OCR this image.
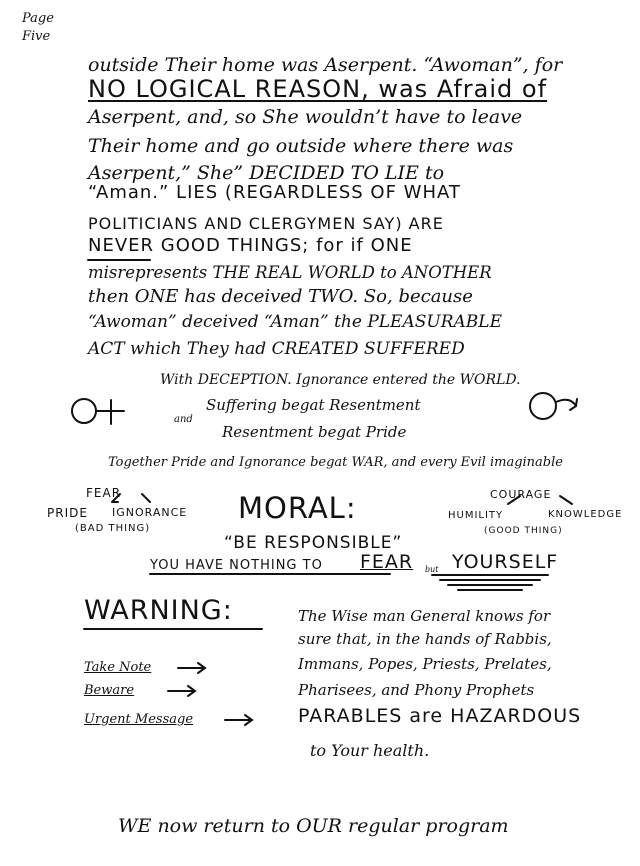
Page
Five
outside Their home was Aserpent. “Awoman”, for
NO LOGICAL REASON, was Afraid of
Aserpent, and, so She wouldn’t have to leave
Their home and go outside where there was
Aserpent,” She” DECIDED TO LIE to
“Aman.” LIES (REGARDLESS OF WHAT
POLITICIANS AND CLERGYMEN SAY) ARE
NEVER GOOD THINGS; for if ONE
misrepresents THE REAL WORLD to ANOTHER
then ONE has deceived TWO. So, because
“Awoman” deceived “Aman” the PLEASURABLE
ACT which They had CREATED SUFFERED
With DECEPTION. Ignorance entered the WORLD.
Suffering begat Resentment
and
Resentment begat Pride
Together Pride and Ignorance begat WAR, and every Evil imaginable
FEAR
PRIDE IGNORANCE
(BAD THING)
MORAL:	COURAGE
HUMILITY	KNOWLEDGE
(GOOD THING)
“BE RESPONSIBLE”
YOU HAVE NOTHING TO FEAR but YOURSELF
WARNING:
Take Note
Beware
Urgent Message
The Wise man General knows for
sure that, in the hands of Rabbis,
Immans, Popes, Priests, Prelates,
Pharisees, and Phony Prophets
PARABLES are HAZARDOUS
to Your health.
WE now return to OUR regular program
